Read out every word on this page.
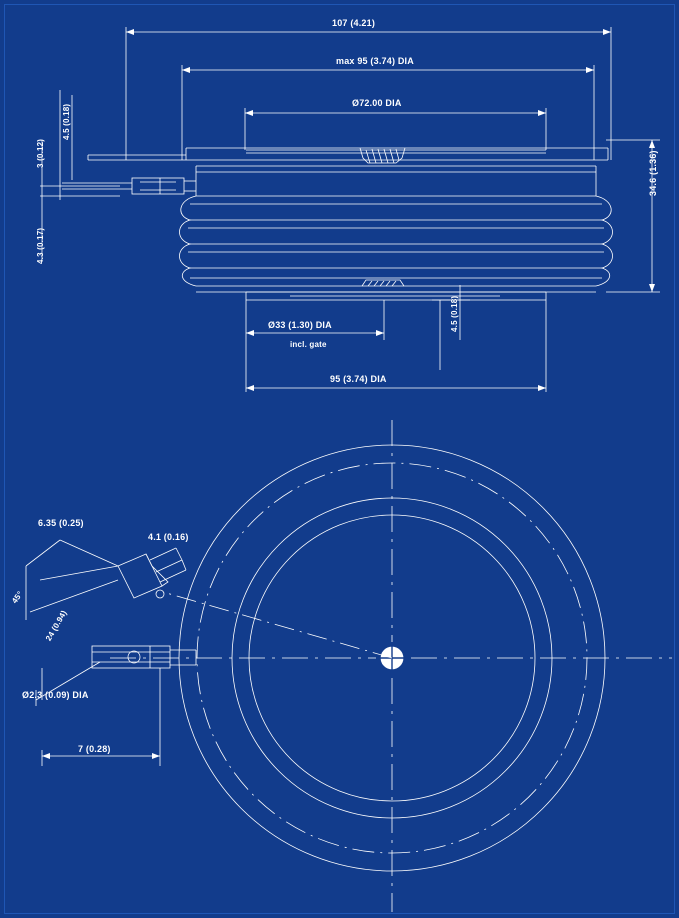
107 (4.21)
max 95 (3.74) DIA
Ø72.00 DIA
34.6 (1.36)
3 (0.12)
4.5 (0.18)
4.3 (0.17)
Ø33 (1.30) DIA
incl. gate
4.5 (0.18)
95 (3.74) DIA
6.35 (0.25)
4.1 (0.16)
45°
24 (0.94)
Ø2.3 (0.09) DIA
7 (0.28)
